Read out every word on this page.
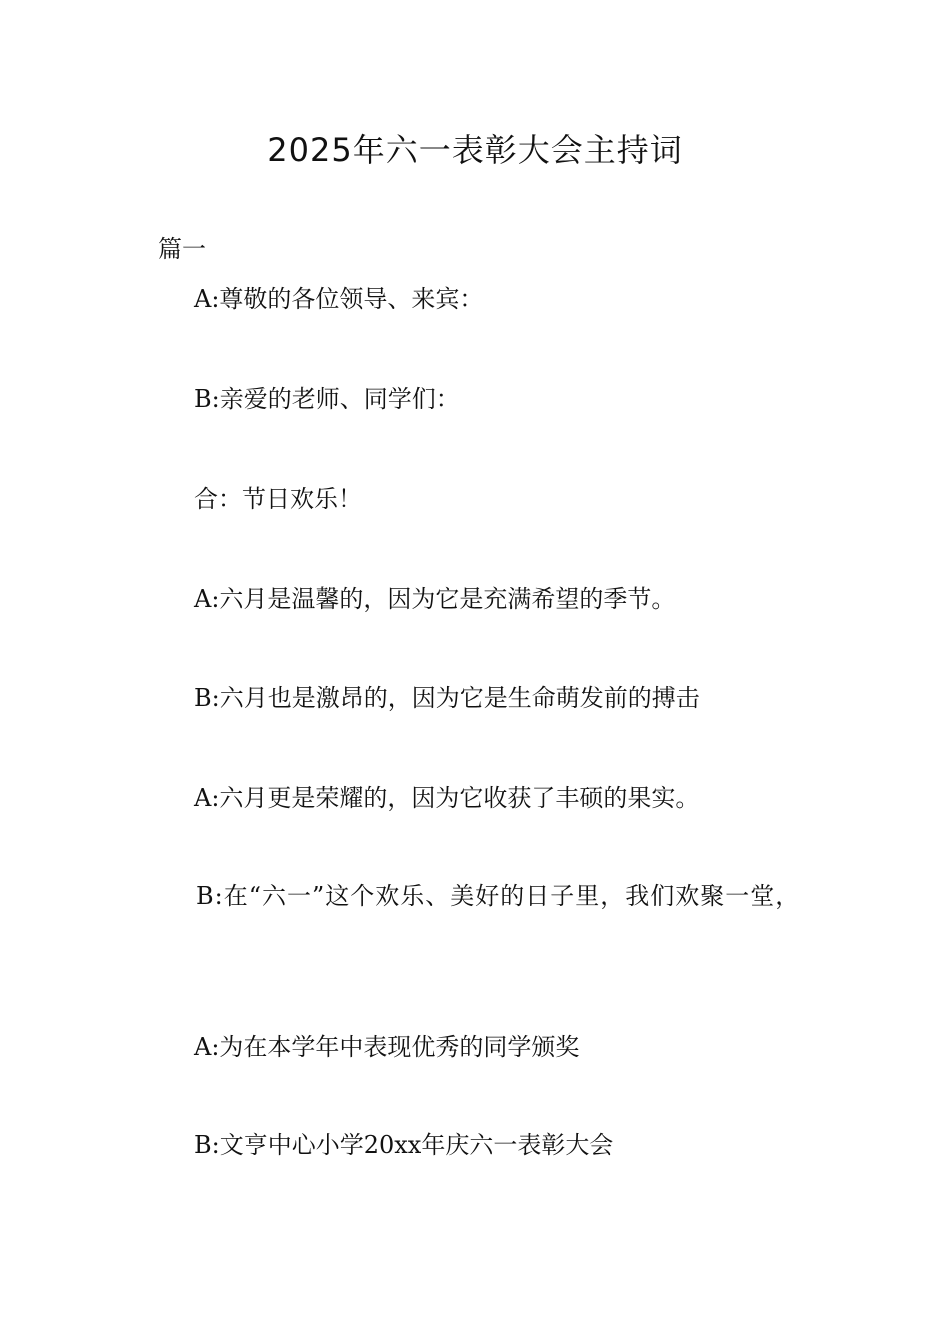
2025年六一表彰大会主持词

篇一

A:尊敬的各位领导、来宾：

B:亲爱的老师、同学们：

合：节日欢乐！

A:六月是温馨的，因为它是充满希望的季节。

B:六月也是激昂的，因为它是生命萌发前的搏击

A:六月更是荣耀的，因为它收获了丰硕的果实。

B:在“六一”这个欢乐、美好的日子里，我们欢聚一堂，

A:为在本学年中表现优秀的同学颁奖

B:文亨中心小学20xx年庆六一表彰大会
